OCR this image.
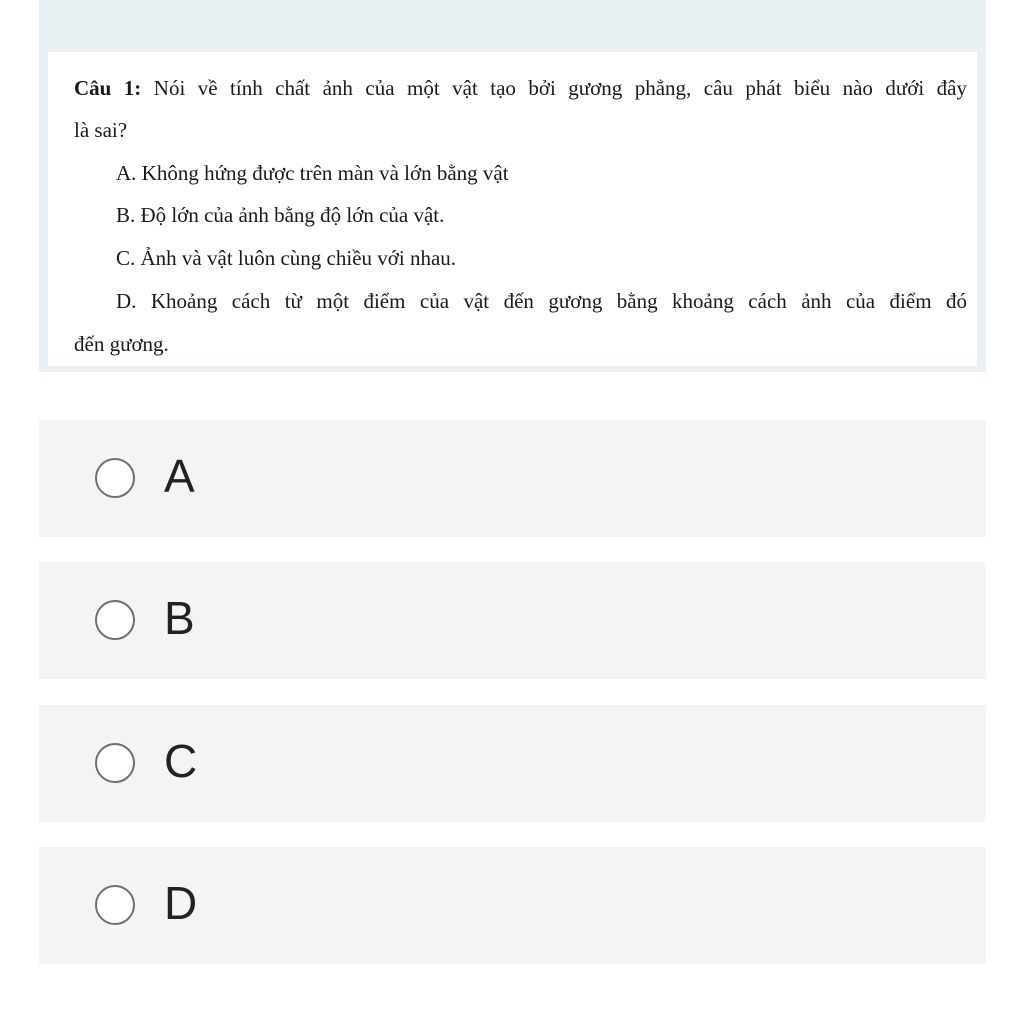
Câu 1: Nói về tính chất ảnh của một vật tạo bởi gương phẳng, câu phát biểu nào dưới đây
là sai?
A. Không hứng được trên màn và lớn bằng vật
B. Độ lớn của ảnh bằng độ lớn của vật.
C. Ảnh và vật luôn cùng chiều với nhau.
D. Khoảng cách từ một điểm của vật đến gương bằng khoảng cách ảnh của điểm đó
đến gương.
A
B
C
D
